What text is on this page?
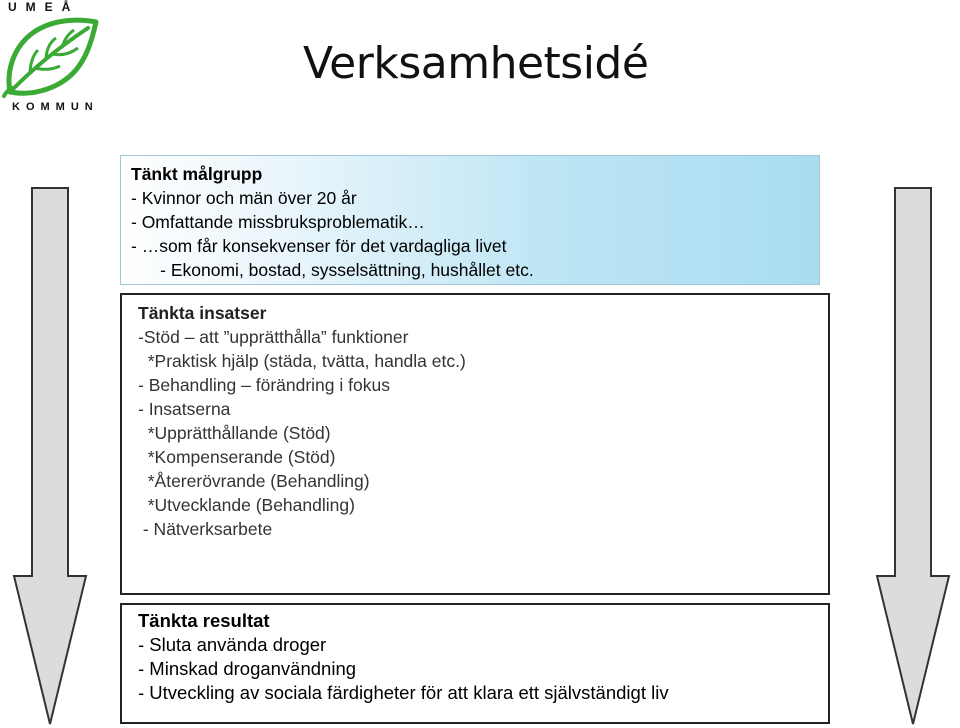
UMEÅ
KOMMUN
Verksamhetsidé
Tänkt målgrupp
- Kvinnor och män över 20 år
- Omfattande missbruksproblematik…
- …som får konsekvenser för det vardagliga livet
- Ekonomi, bostad, sysselsättning, hushållet etc.
Tänkta insatser
-Stöd – att ”upprätthålla” funktioner
*Praktisk hjälp (städa, tvätta, handla etc.)
- Behandling – förändring i fokus
- Insatserna
*Upprätthållande (Stöd)
*Kompenserande (Stöd)
*Återerövrande (Behandling)
*Utvecklande (Behandling)
- Nätverksarbete
Tänkta resultat
- Sluta använda droger
- Minskad droganvändning
- Utveckling av sociala färdigheter för att klara ett självständigt liv
